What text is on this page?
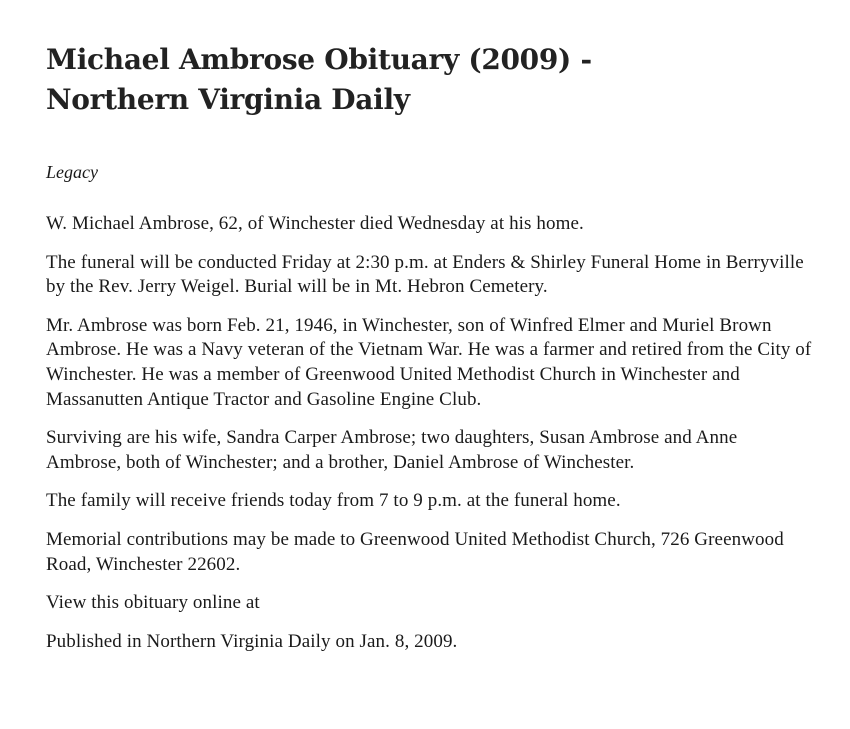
Michael Ambrose Obituary (2009) -
Northern Virginia Daily

Legacy

W. Michael Ambrose, 62, of Winchester died Wednesday at his home.

The funeral will be conducted Friday at 2:30 p.m. at Enders & Shirley Funeral Home in Berryville by the Rev. Jerry Weigel. Burial will be in Mt. Hebron Cemetery.

Mr. Ambrose was born Feb. 21, 1946, in Winchester, son of Winfred Elmer and Muriel Brown Ambrose. He was a Navy veteran of the Vietnam War. He was a farmer and retired from the City of Winchester. He was a member of Greenwood United Methodist Church in Winchester and Massanutten Antique Tractor and Gasoline Engine Club.

Surviving are his wife, Sandra Carper Ambrose; two daughters, Susan Ambrose and Anne Ambrose, both of Winchester; and a brother, Daniel Ambrose of Winchester.

The family will receive friends today from 7 to 9 p.m. at the funeral home.

Memorial contributions may be made to Greenwood United Methodist Church, 726 Greenwood Road, Winchester 22602.

View this obituary online at

Published in Northern Virginia Daily on Jan. 8, 2009.
